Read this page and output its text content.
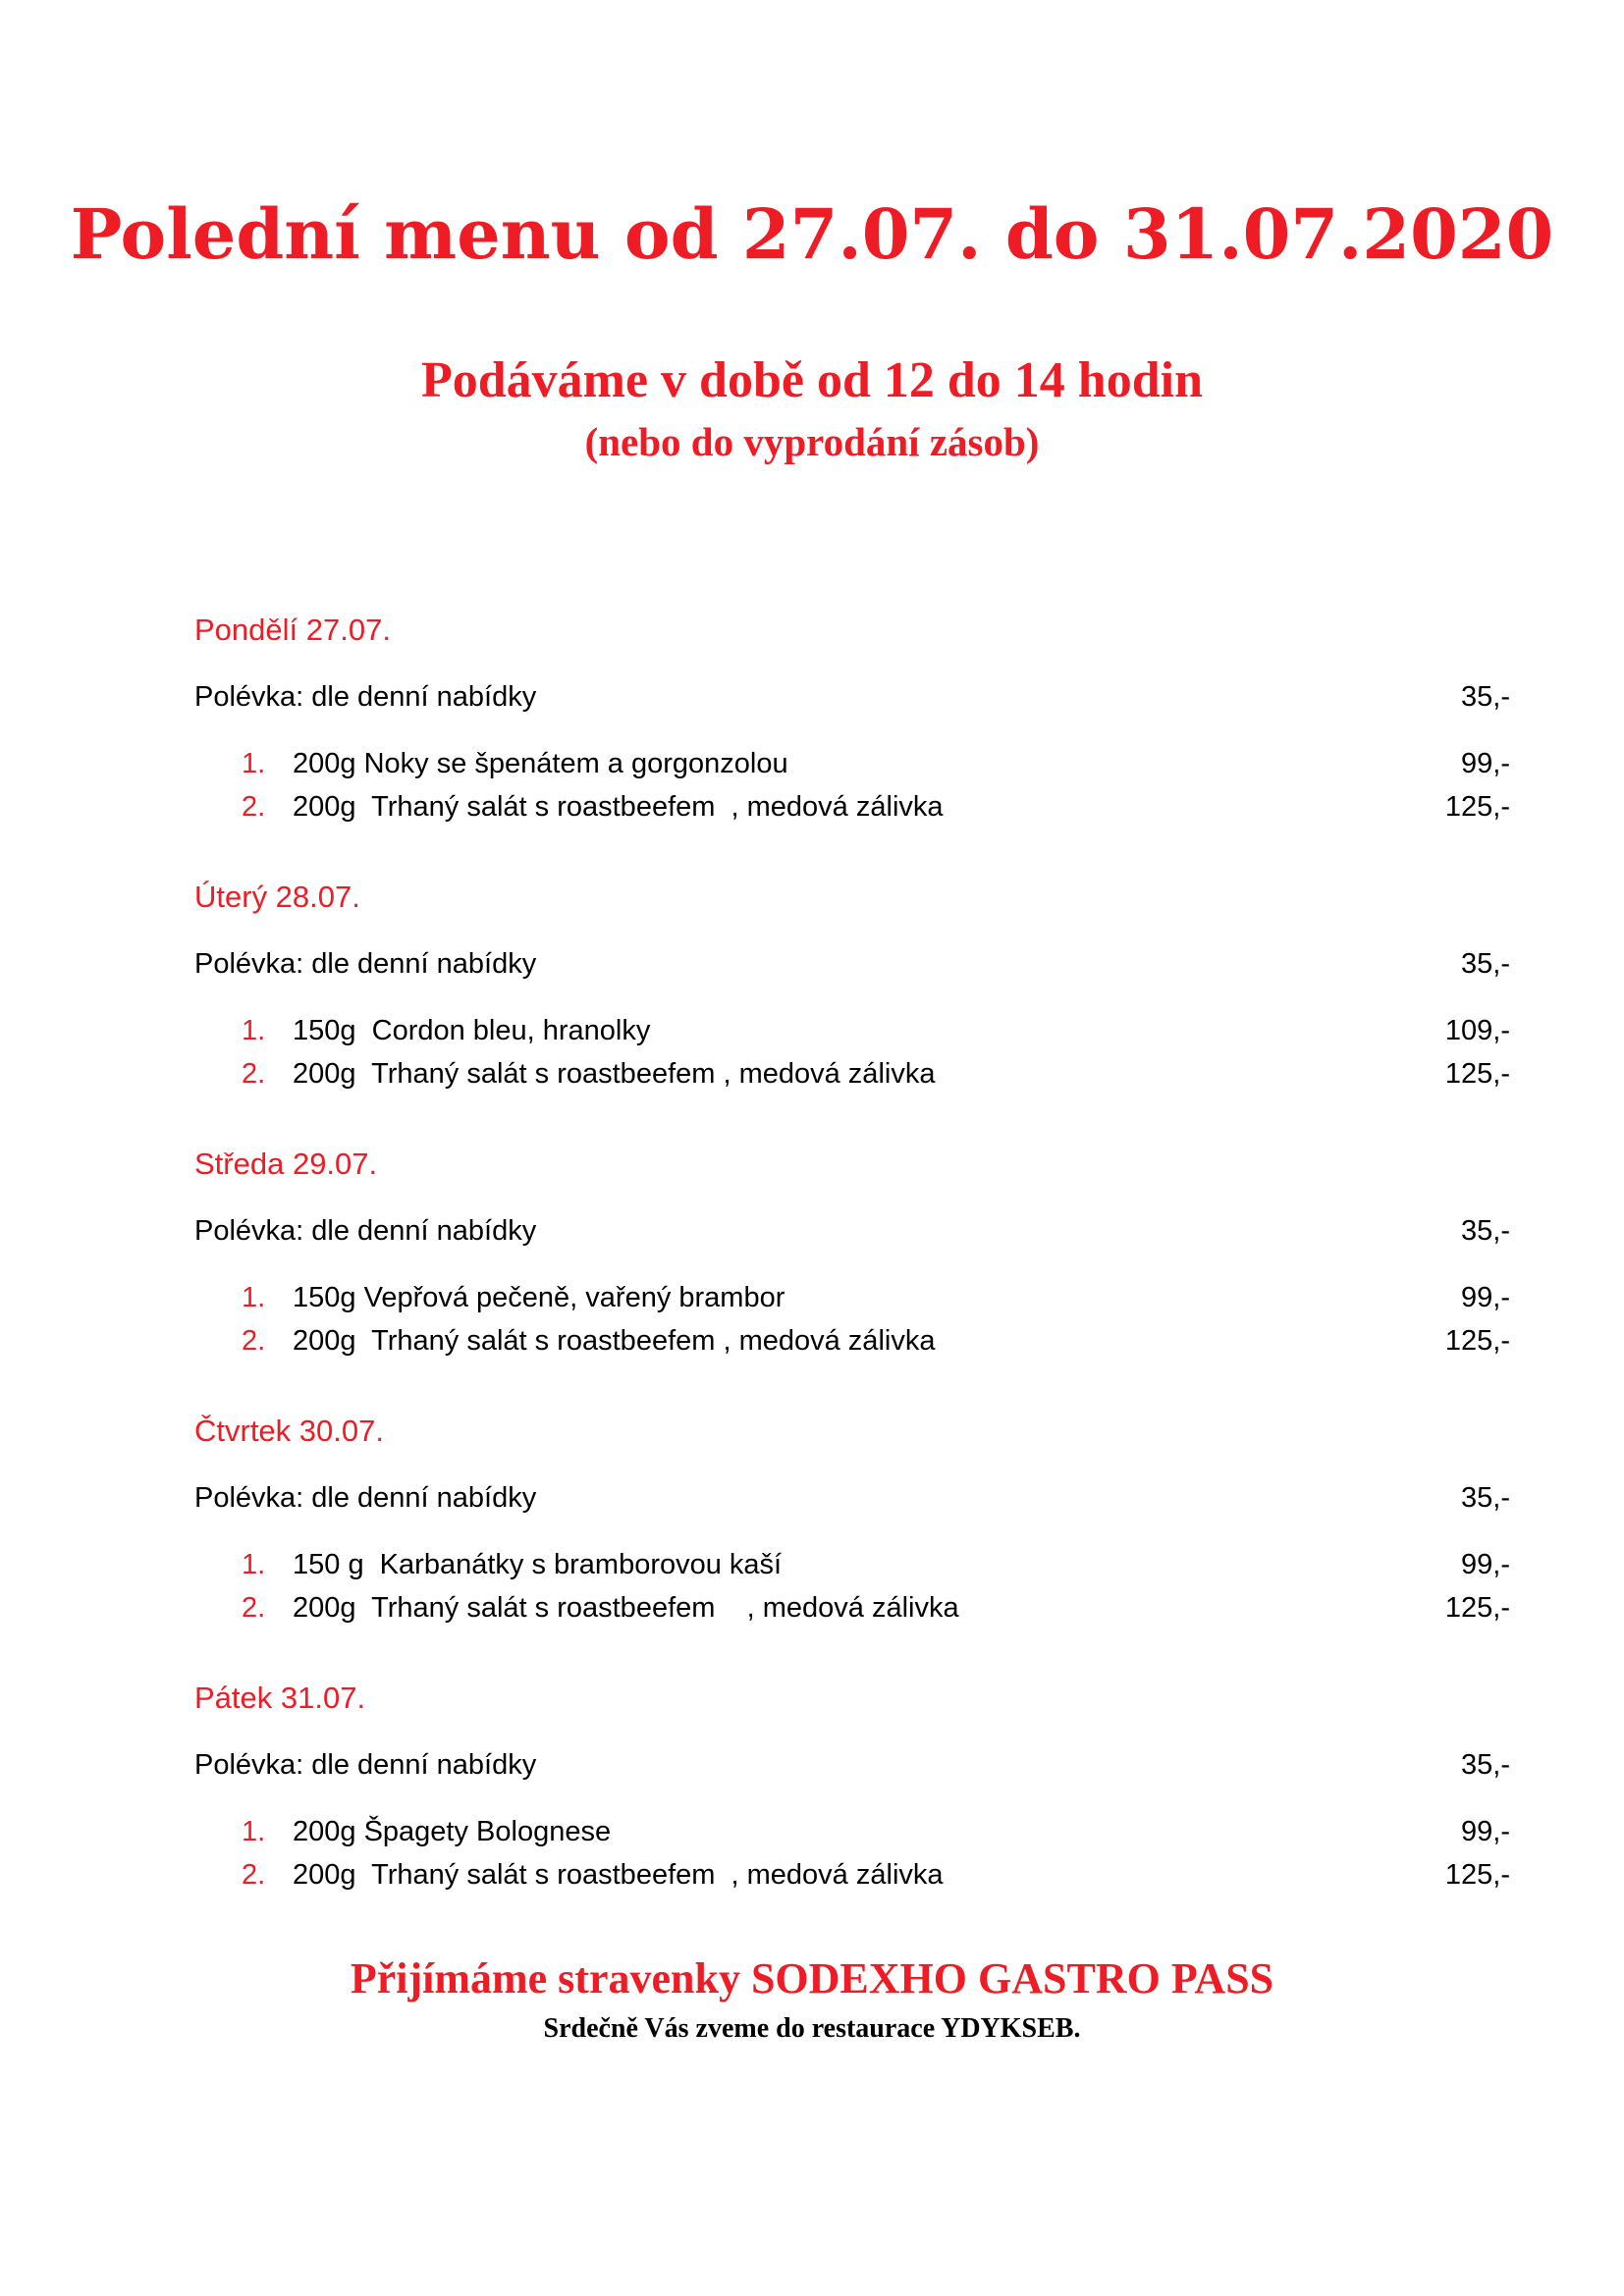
Polední menu od 27.07. do 31.07.2020
Podáváme v době od 12 do 14 hodin

(nebo do vyprodání zásob)

Pondělí 27.07.
Polévka: dle denní nabídky	35,-
1. 200g Noky se špenátem a gorgonzolou	99,-
2. 200g  Trhaný salát s roastbeefem  , medová zálivka	125,-
Úterý 28.07.
Polévka: dle denní nabídky	35,-
1. 150g  Cordon bleu, hranolky	109,-
2. 200g  Trhaný salát s roastbeefem , medová zálivka	125,-
Středa 29.07.
Polévka: dle denní nabídky	35,-
1. 150g Vepřová pečeně, vařený brambor	99,-
2. 200g  Trhaný salát s roastbeefem , medová zálivka	125,-
Čtvrtek 30.07.
Polévka: dle denní nabídky	35,-
1. 150 g  Karbanátky s bramborovou kaší	99,-
2. 200g  Trhaný salát s roastbeefem    , medová zálivka	125,-
Pátek 31.07.
Polévka: dle denní nabídky	35,-
1. 200g Špagety Bolognese	99,-
2. 200g  Trhaný salát s roastbeefem  , medová zálivka	125,-

Přijímáme stravenky SODEXHO GASTRO PASS

Srdečně Vás zveme do restaurace YDYKSEB.
